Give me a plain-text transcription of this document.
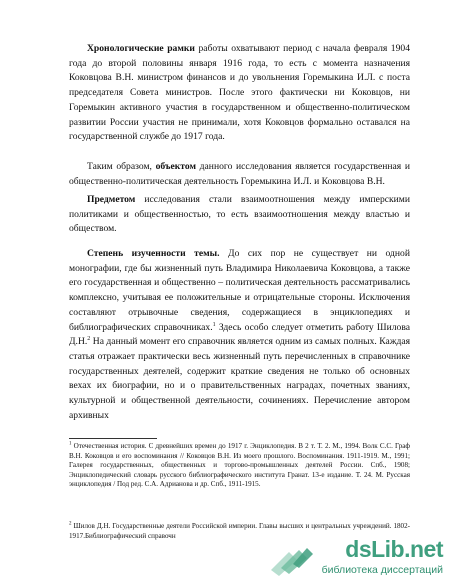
Хронологические рамки работы охватывают период с начала февраля 1904 года до второй половины января 1916 года, то есть с момента назначения Коковцова В.Н. министром финансов и до увольнения Горемыкина И.Л. с поста председателя Совета министров. После этого фактически ни Коковцов, ни Горемыкин активного участия в государственном и общественно-политическом развитии России участия не принимали, хотя Коковцов формально оставался на государственной службе до 1917 года.

Таким образом, объектом данного исследования является государственная и общественно-политическая деятельность Горемыкина И.Л. и Коковцова В.Н.

Предметом исследования стали взаимоотношения между имперскими политиками и общественностью, то есть взаимоотношения между властью и обществом.

Степень изученности темы. До сих пор не существует ни одной монографии, где бы жизненный путь Владимира Николаевича Коковцова, а также его государственная и общественно – политическая деятельность рассматривались комплексно, учитывая ее положительные и отрицательные стороны. Исключения составляют отрывочные сведения, содержащиеся в энциклопедиях и библиографических справочниках.$^1$ Здесь особо следует отметить работу Шилова Д.Н.$^2$ На данный момент его справочник является одним из самых полных. Каждая статья отражает практически весь жизненный путь перечисленных в справочнике государственных деятелей, содержит краткие сведения не только об основных вехах их биографии, но и о правительственных наградах, почетных званиях, культурной и общественной деятельности, сочинениях. Перечисление автором архивных

$^1$ Отечественная история. С древнейших времен до 1917 г. Энциклопедия. В 2 т. Т. 2. М., 1994. Волк С.С. Граф В.Н. Коковцов и его воспоминания // Коковцов В.Н. Из моего прошлого. Воспоминания. 1911-1919. М., 1991; Галерея государственных, общественных и торгово-промышленных деятелей России. Спб., 1908; Энциклопедический словарь русского библиографического института Гранат. 13-е издание. Т. 24. М. Русская энциклопедия / Под ред. С.А. Адрианова и др. Спб., 1911-1915.

$^2$ Шилов Д.Н. Государственные деятели Российской империи. Главы высших и центральных учреждений. 1802-1917.Библиографический справочн

dsLib.net
библиотека диссертаций
